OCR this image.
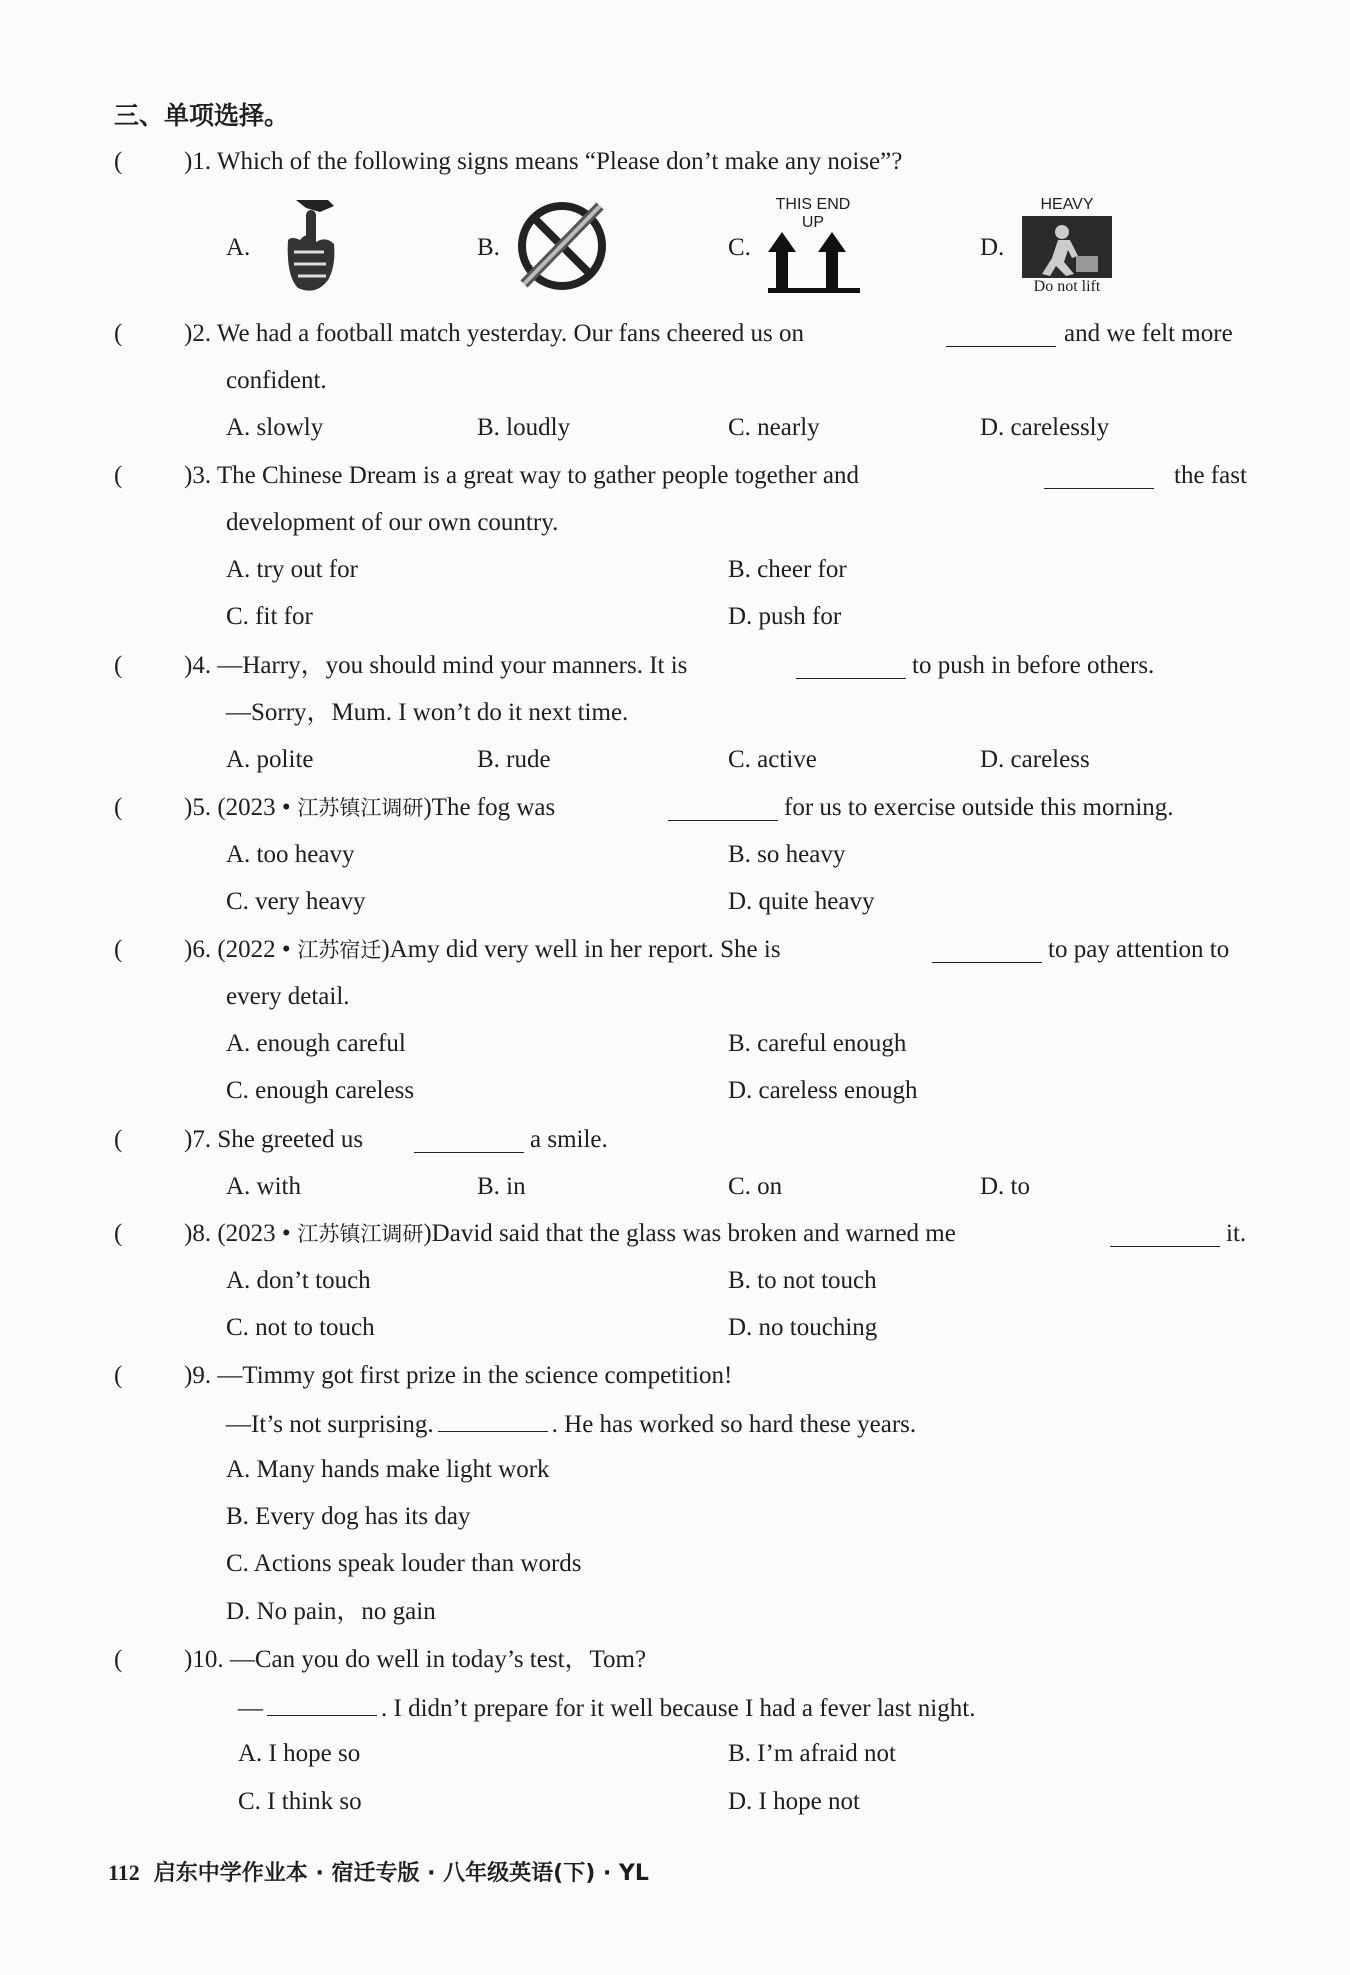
三、单项选择。
( )1. Which of the following signs means “Please don’t make any noise”?
A.	B.	C.
THIS END
UP
D.
HEAVY
Do not lift
( )2. We had a football match yesterday. Our fans cheered us on	and we felt more
confident.
A. slowly	B. loudly	C. nearly	D. carelessly
( )3. The Chinese Dream is a great way to gather people together and	the fast
development of our own country.
A. try out for	B. cheer for
C. fit for	D. push for
( )4. —Harry，you should mind your manners. It is	to push in before others.
—Sorry，Mum. I won’t do it next time.
A. polite	B. rude	C. active	D. careless
( )5. (2023 • 江苏镇江调研)The fog was	for us to exercise outside this morning.
A. too heavy	B. so heavy
C. very heavy	D. quite heavy
( )6. (2022 • 江苏宿迁)Amy did very well in her report. She is	to pay attention to
every detail.
A. enough careful	B. careful enough
C. enough careless	D. careless enough
( )7. She greeted us	a smile.
A. with	B. in	C. on	D. to
( )8. (2023 • 江苏镇江调研)David said that the glass was broken and warned me	it.
A. don’t touch	B. to not touch
C. not to touch	D. no touching
( )9. —Timmy got first prize in the science competition!
—It’s not surprising.	. He has worked so hard these years.
A. Many hands make light work
B. Every dog has its day
C. Actions speak louder than words
D. No pain，no gain
( )10. —Can you do well in today’s test，Tom?
—	. I didn’t prepare for it well because I had a fever last night.
A. I hope so	B. I’m afraid not
C. I think so	D. I hope not
112 启东中学作业本 · 宿迁专版 · 八年级英语(下) · YL
